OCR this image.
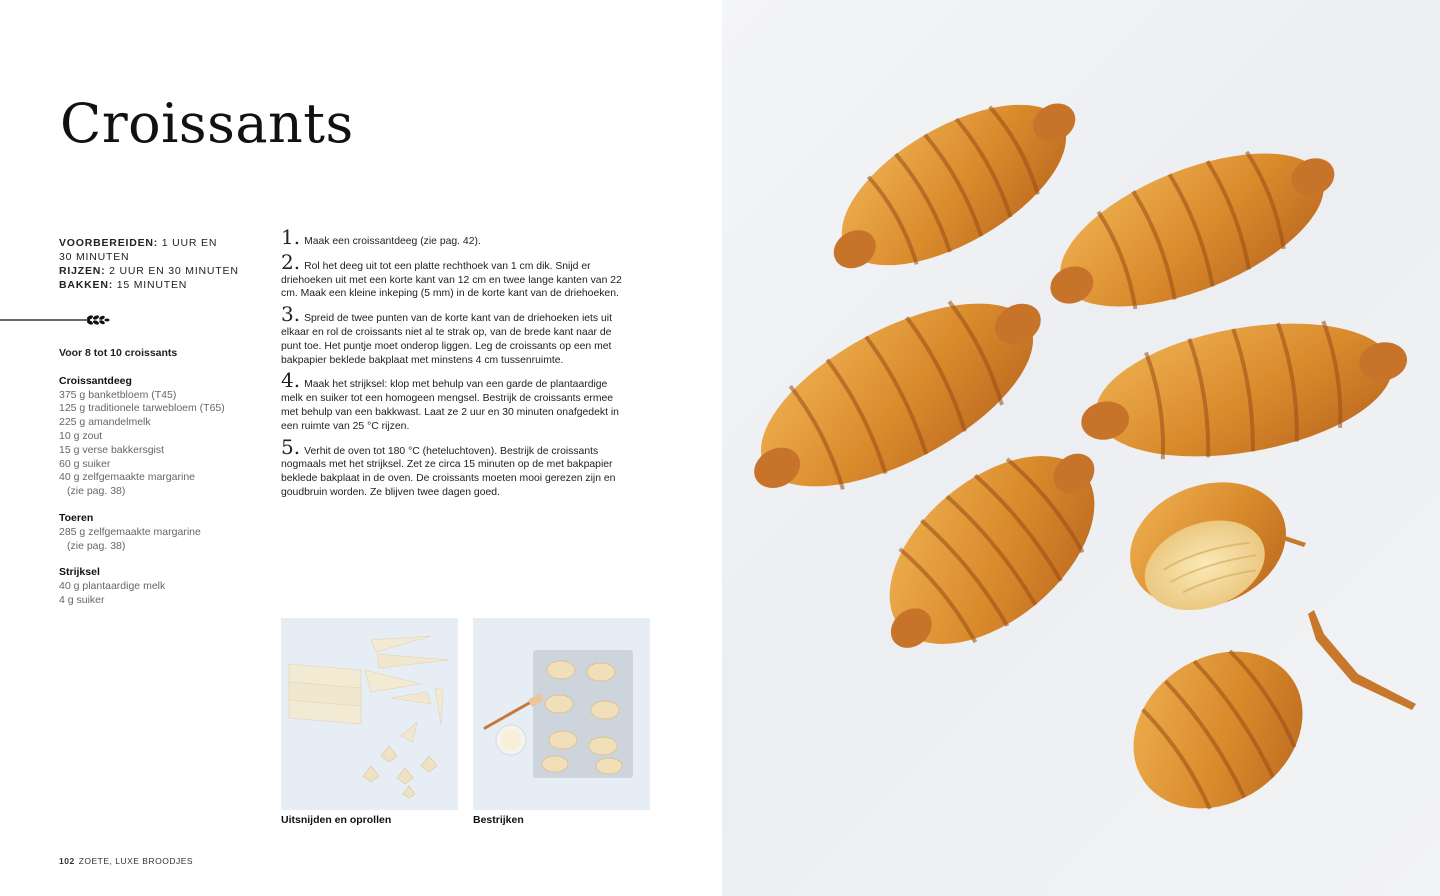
Croissants
VOORBEREIDEN: 1 UUR EN
30 MINUTEN
RIJZEN: 2 UUR EN 30 MINUTEN
BAKKEN: 15 MINUTEN
Voor 8 tot 10 croissants
Croissantdeeg
375 g banketbloem (T45)
125 g traditionele tarwebloem (T65)
225 g amandelmelk
10 g zout
15 g verse bakkersgist
60 g suiker
40 g zelfgemaakte margarine
(zie pag. 38)
Toeren
285 g zelfgemaakte margarine
(zie pag. 38)
Strijksel
40 g plantaardige melk
4 g suiker
1. Maak een croissantdeeg (zie pag. 42).
2. Rol het deeg uit tot een platte rechthoek van 1 cm dik. Snijd er driehoeken uit met een korte kant van 12 cm en twee lange kanten van 22 cm. Maak een kleine inkeping (5 mm) in de korte kant van de driehoeken.
3. Spreid de twee punten van de korte kant van de driehoeken iets uit elkaar en rol de croissants niet al te strak op, van de brede kant naar de punt toe. Het puntje moet onderop liggen. Leg de croissants op een met bakpapier beklede bakplaat met minstens 4 cm tussenruimte.
4. Maak het strijksel: klop met behulp van een garde de plantaardige melk en suiker tot een homogeen mengsel. Bestrijk de croissants ermee met behulp van een bakkwast. Laat ze 2 uur en 30 minuten onafgedekt in een ruimte van 25 °C rijzen.
5. Verhit de oven tot 180 °C (heteluchtoven). Bestrijk de croissants nogmaals met het strijksel. Zet ze circa 15 minuten op de met bakpapier beklede bakplaat in de oven. De croissants moeten mooi gerezen zijn en goudbruin worden. Ze blijven twee dagen goed.
Uitsnijden en oprollen	Bestrijken
102 ZOETE, LUXE BROODJES
